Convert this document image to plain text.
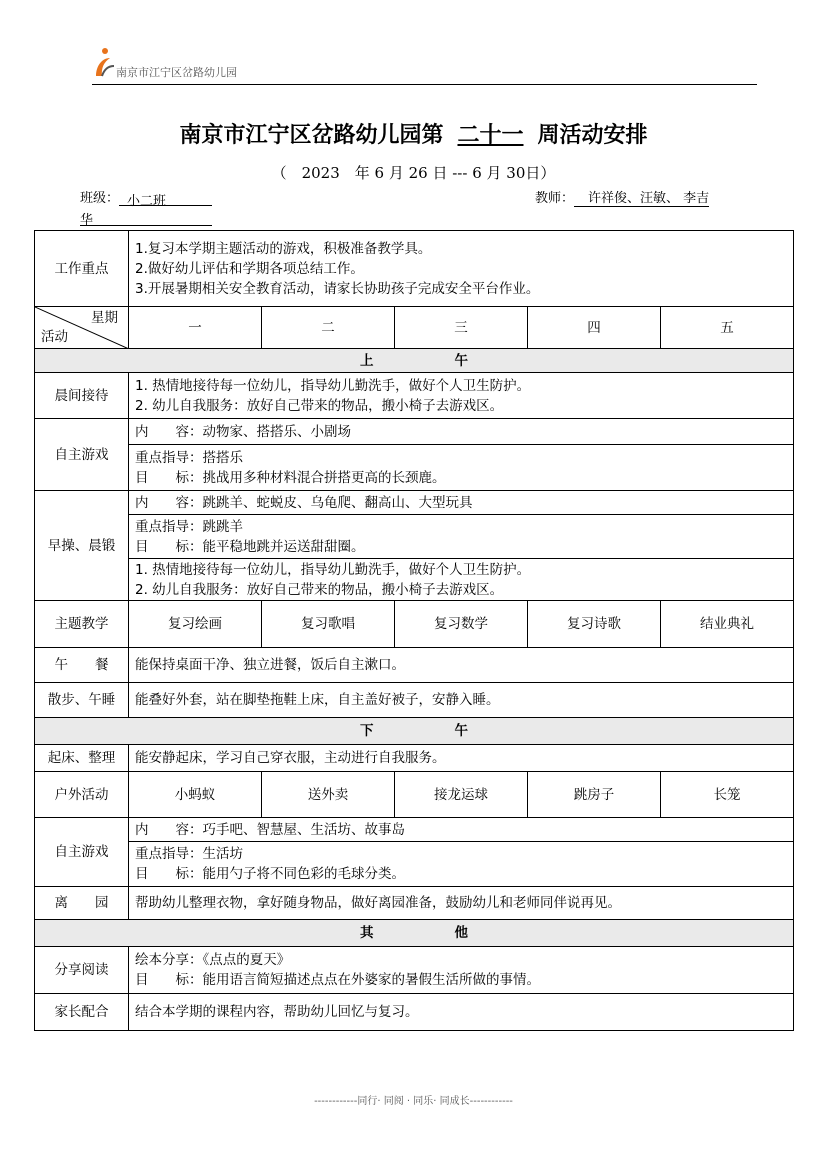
南京市江宁区岔路幼儿园
南京市江宁区岔路幼儿园第 二十一 周活动安排
（　2023　年 6 月 26 日 --- 6 月 30日）
班级： 小二班	教师： 许祥俊、汪敏、 李吉
华
工作重点	1.复习本学期主题活动的游戏，积极准备教学具。
2.做好幼儿评估和学期各项总结工作。
3.开展暑期相关安全教育活动，请家长协助孩子完成安全平台作业。				

星期
活动	一	二	三	四	五
上　　　　　　午					
晨间接待	1. 热情地接待每一位幼儿，指导幼儿勤洗手，做好个人卫生防护。
2. 幼儿自我服务：放好自己带来的物品，搬小椅子去游戏区。				

自主游戏	内　　容：动物家、搭搭乐、小剧场				

	重点指导：搭搭乐
目　　标：挑战用多种材料混合拼搭更高的长颈鹿。				

早操、晨锻	内　　容：跳跳羊、蛇蜕皮、乌龟爬、翻高山、大型玩具				

	重点指导：跳跳羊
目　　标：能平稳地跳并运送甜甜圈。				

	1. 热情地接待每一位幼儿，指导幼儿勤洗手，做好个人卫生防护。
2. 幼儿自我服务：放好自己带来的物品，搬小椅子去游戏区。				

主题教学	复习绘画	复习歌唱	复习数学	复习诗歌	结业典礼
午　　餐	能保持桌面干净、独立进餐，饭后自主漱口。				
散步、午睡	能叠好外套，站在脚垫拖鞋上床，自主盖好被子，安静入睡。				
下　　　　　　午					
起床、整理	能安静起床，学习自己穿衣服，主动进行自我服务。				
户外活动	小蚂蚁	送外卖	接龙运球	跳房子	长笼
自主游戏	内　　容：巧手吧、智慧屋、生活坊、故事岛				

	重点指导：生活坊
目　　标：能用勺子将不同色彩的毛球分类。				

离　　园	帮助幼儿整理衣物，拿好随身物品，做好离园准备，鼓励幼儿和老师同伴说再见。				
其　　　　　　他					
分享阅读	绘本分享：《点点的夏天》
目　　标：能用语言简短描述点点在外婆家的暑假生活所做的事情。				

家长配合	结合本学期的课程内容，帮助幼儿回忆与复习。				
------------同行· 同阅 · 同乐· 同成长------------
